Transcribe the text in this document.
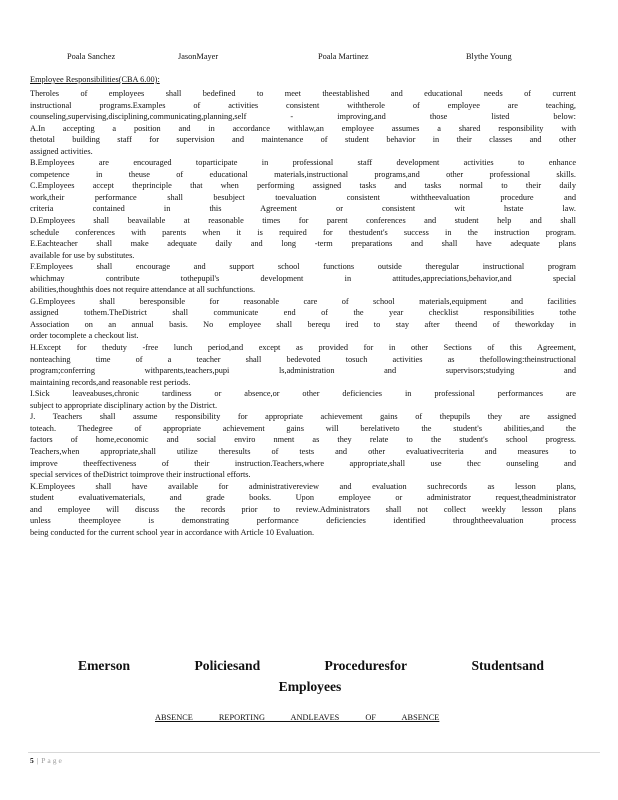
Poala Sanchez	JasonMayer	Poala Martinez	Blythe Young
Employee Responsibilities(CBA 6.00):
Theroles of employees shall bedefined to meet theestablished and educational needs of current
instructional programs.Examples of activities consistent withtherole of employee are teaching,
counseling,supervising,disciplining,communicating,planning,self - improving,and those listed below:
A.In accepting a position and in accordance withlaw,an employee assumes a shared responsibility with
thetotal building staff for supervision and maintenance of student behavior in their classes and other
assigned activities.
B.Employees are encouraged toparticipate in professional staff development activities to enhance
competence in theuse of educational materials,instructional programs,and other professional skills.
C.Employees accept theprinciple that when performing assigned tasks and tasks normal to their daily
work,their performance shall besubject toevaluation consistent withtheevaluation procedure and
criteria contained in this Agreement or consistent wit hstate law.
D.Employees shall beavailable at reasonable times for parent conferences and student help and shall
schedule conferences with parents when it is required for thestudent's success in the instruction program.
E.Eachteacher shall make adequate daily and long -term preparations and shall have adequate plans
available for use by substitutes.
F.Employees shall encourage and support school functions outside theregular instructional program
whichmay contribute tothepupil's development in attitudes,appreciations,behavior,and special
abilities,thoughthis does not require attendance at all suchfunctions.
G.Employees shall beresponsible for reasonable care of school materials,equipment and facilities
assigned tothem.TheDistrict shall communicate end of the year checklist responsibilities tothe
Association on an annual basis. No employee shall berequ ired to stay after theend of theworkday in
order tocomplete a checkout list.
H.Except for theduty -free lunch period,and except as provided for in other Sections of this Agreement,
nonteaching time of a teacher shall bedevoted tosuch activities as thefollowing:theinstructional
program;conferring withparents,teachers,pupi ls,administration and supervisors;studying and
maintaining records,and reasonable rest periods.
I.Sick leaveabuses,chronic tardiness or absence,or other deficiencies in professional performances are
subject to appropriate disciplinary action by the District.
J. Teachers shall assume responsibility for appropriate achievement gains of thepupils they are assigned
toteach. Thedegree of appropriate achievement gains will berelativeto the student's abilities,and the
factors of home,economic and social enviro nment as they relate to the student's school progress.
Teachers,when appropriate,shall utilize theresults of tests and other evaluativecriteria and measures to
improve theeffectiveness of their instruction.Teachers,where appropriate,shall use thec ounseling and
special services of theDistrict toimprove their instructional efforts.
K.Employees shall have available for administrativereview and evaluation suchrecords as lesson plans,
student evaluativematerials, and grade books. Upon employee or administrator request,theadministrator
and employee will discuss the records prior to review.Administrators shall not collect weekly lesson plans
unless theemployee is demonstrating performance deficiencies identified throughtheevaluation process
being conducted for the current school year in accordance with Article 10 Evaluation.
Emerson	Policiesand	Proceduresfor	Studentsand
Employees
ABSENCE REPORTING ANDLEAVES OF ABSENCE
5 | Page
